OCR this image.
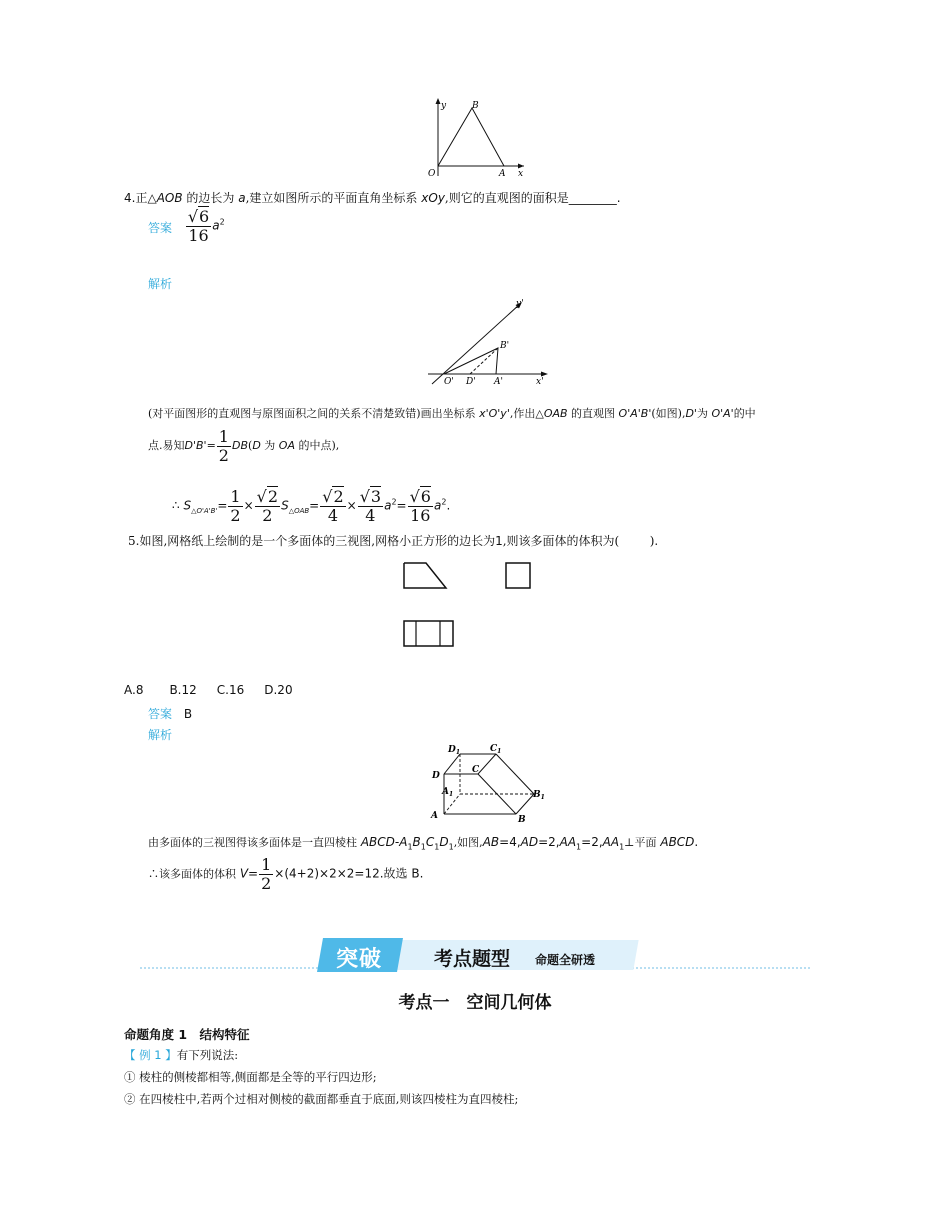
y	B
O	A x
4.正△AOB 的边长为 a,建立如图所示的平面直角坐标系 xOy,则它的直观图的面积是________.
答案 $\frac{√6}{16} a^2$
解析
y'
B'
O' D' A'	x'
(对平面图形的直观图与原图面积之间的关系不清楚致错)画出坐标系 x'O'y',作出△OAB 的直观图 O'A'B'(如图),D'为 O'A'的中
点.易知$D'B'= \frac{1}{2} DB(D$ 为 OA 的中点),
∴ $S_{\triangle O'A'B'}= \frac{1}{2} \times \frac{√2}{2} S_{\triangle OAB}= \frac{√2}{4} \times \frac{√3}{4} a^2= \frac{√6}{16} a^2$.
5.如图,网格纸上绘制的是一个多面体的三视图,网格小正方形的边长为1,则该多面体的体积为(	).
A.8 B.12 C.16 D.20
答案 B
解析
$D_1$	$C_1$
D
C
$A_1$	$B_1$
A	B
由多面体的三视图得该多面体是一直四棱柱 ABCD-$A_1B_1C_1D_1$,如图$,AB=4,AD=2,AA_1=2,AA_1\perp$平面 ABCD.
∴该多面体的体积 $V= \frac{1}{2} \times(4+2)\times 2\times 2=12$.故选 B.
突破	考点题型 命题全研透
考点一　空间几何体
命题角度 1　结构特征
【 例 1 】有下列说法:
① 棱柱的侧棱都相等,侧面都是全等的平行四边形;
② 在四棱柱中,若两个过相对侧棱的截面都垂直于底面,则该四棱柱为直四棱柱;
